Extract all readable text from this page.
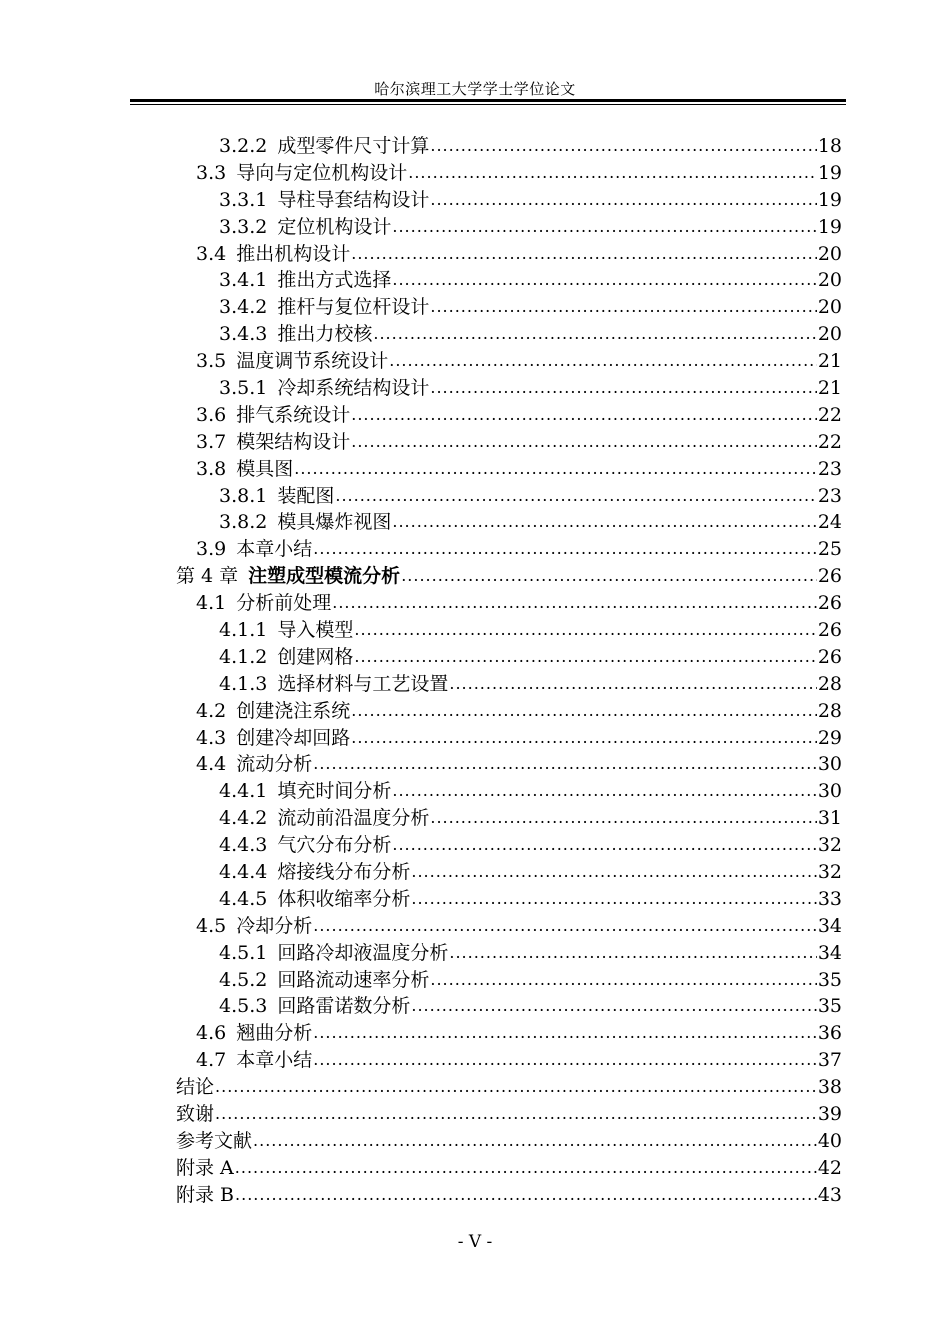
哈尔滨理工大学学士学位论文
3.2.2 成型零件尺寸计算 .....	18
3.3 导向与定位机构设计 .....	19
3.3.1 导柱导套结构设计 .....	19
3.3.2 定位机构设计 .....	19
3.4 推出机构设计 .....	20
3.4.1 推出方式选择 .....	20
3.4.2 推杆与复位杆设计 .....	20
3.4.3 推出力校核 .....	20
3.5 温度调节系统设计 .....	21
3.5.1 冷却系统结构设计 .....	21
3.6 排气系统设计 .....	22
3.7 模架结构设计 .....	22
3.8 模具图 .....	23
3.8.1 装配图 .....	23
3.8.2 模具爆炸视图 .....	24
3.9 本章小结 .....	25
第 4 章 注塑成型模流分析 .....	26
4.1 分析前处理 .....	26
4.1.1 导入模型 .....	26
4.1.2 创建网格 .....	26
4.1.3 选择材料与工艺设置 .....	28
4.2 创建浇注系统 .....	28
4.3 创建冷却回路 .....	29
4.4 流动分析 .....	30
4.4.1 填充时间分析 .....	30
4.4.2 流动前沿温度分析 .....	31
4.4.3 气穴分布分析 .....	32
4.4.4 熔接线分布分析 .....	32
4.4.5 体积收缩率分析 .....	33
4.5 冷却分析 .....	34
4.5.1 回路冷却液温度分析 .....	34
4.5.2 回路流动速率分析 .....	35
4.5.3 回路雷诺数分析 .....	35
4.6 翘曲分析 .....	36
4.7 本章小结 .....	37
结论 .....	38
致谢 .....	39
参考文献 .....	40
附录 A .....	42
附录 B .....	43
- V -
